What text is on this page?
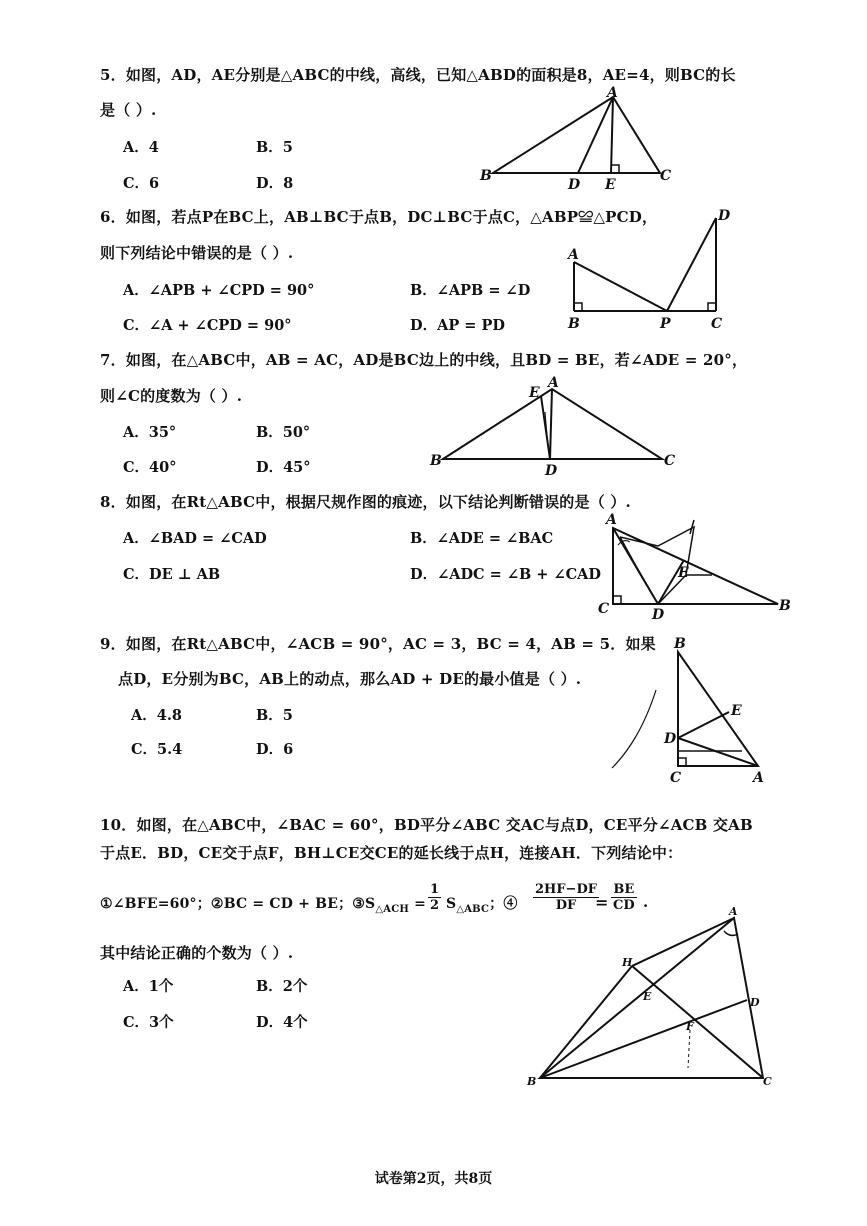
5．如图，AD，AE分别是△ABC的中线，高线，已知△ABD的面积是8，AE=4，则BC的长
是（ ）.
A．4	B．5
C．6	D．8
A
B
D E
C
6．如图，若点P在BC上，AB⊥BC于点B，DC⊥BC于点C，△ABP≌△PCD，
则下列结论中错误的是（ ）.
A．∠APB + ∠CPD = 90°	B．∠APB = ∠D
C．∠A + ∠CPD = 90°	D．AP = PD
A
B	P	C
D
7．如图，在△ABC中，AB = AC，AD是BC边上的中线，且BD = BE，若∠ADE = 20°，
则∠C的度数为（ ）.
A．35°	B．50°
C．40°	D．45°
E
A
B
D
C
8．如图，在Rt△ABC中，根据尺规作图的痕迹，以下结论判断错误的是（ ）.
A．∠BAD = ∠CAD	B．∠ADE = ∠BAC
C．DE ⊥ AB	D．∠ADC = ∠B + ∠CAD
A
E
C	D
B
9．如图，在Rt△ABC中，∠ACB = 90°，AC = 3，BC = 4，AB = 5．如果
点D，E分别为BC，AB上的动点，那么AD + DE的最小值是（ ）.
A．4.8	B．5
C．5.4	D．6
B
E
D
C	A
10．如图，在△ABC中，∠BAC = 60°，BD平分∠ABC 交AC与点D，CE平分∠ACB 交AB
于点E．BD，CE交于点F，BH⊥CE交CE的延长线于点H，连接AH．下列结论中：
①∠BFE=60°；②BC = CD + BE；$③S_{\triangle ACH} = \frac{1}{2} S_{\triangle ABC}$；④ $\frac{2HF-DF}{DF}$
= $\frac{BE}{CD}$ .
其中结论正确的个数为（ ）.
A．1个	B．2个
C．3个	D．4个
A
H
E	D
F
B	C
试卷第2页，共8页
